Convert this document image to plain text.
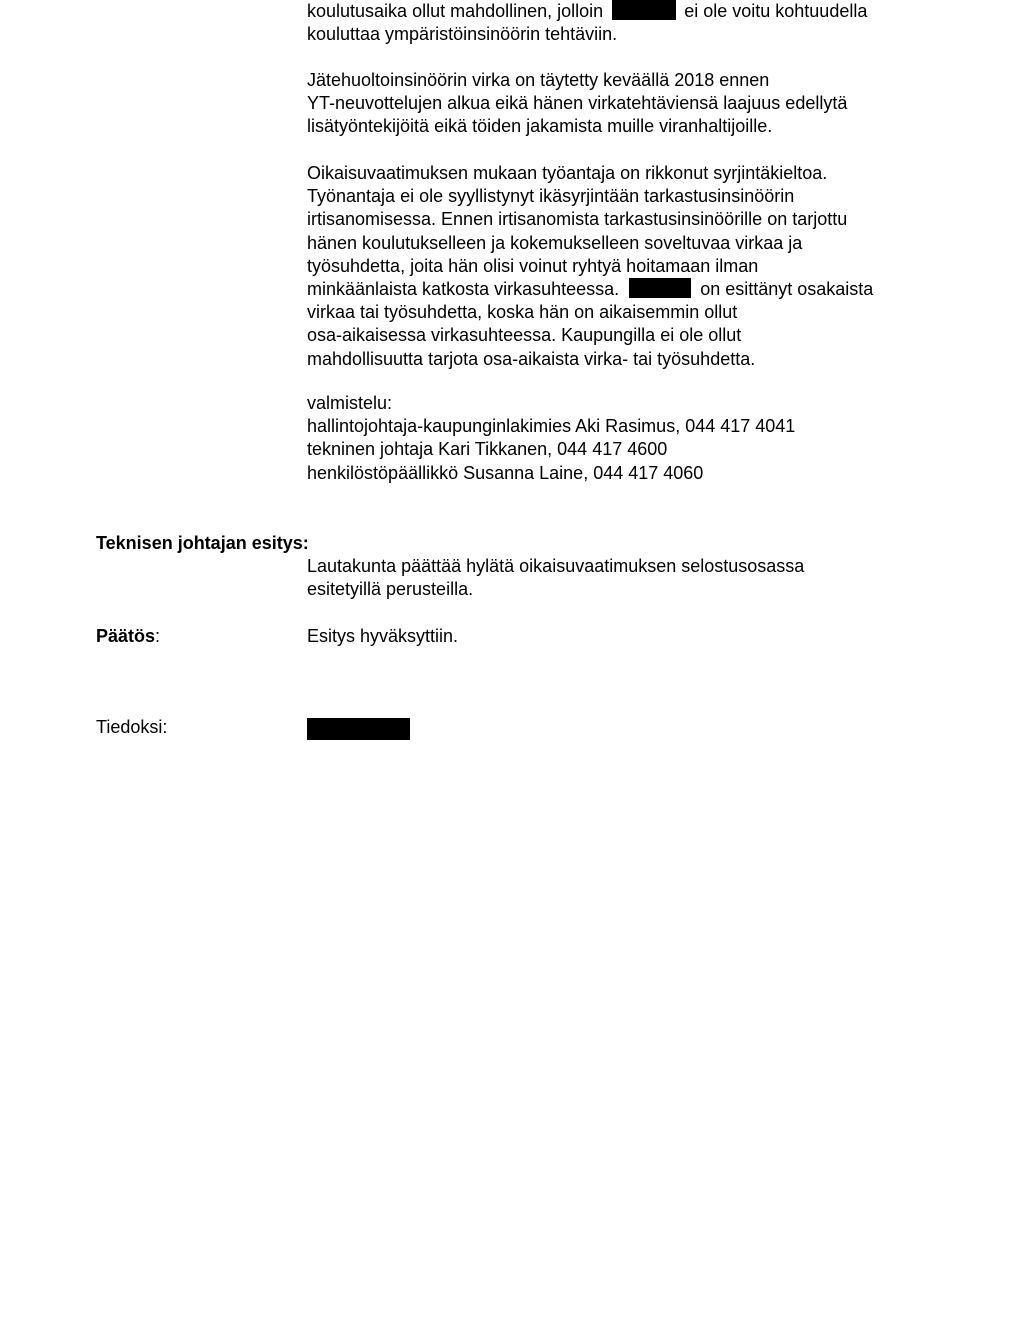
koulutusaika ollut mahdollinen, jolloin	ei ole voitu kohtuudella
kouluttaa ympäristöinsinöörin tehtäviin.
Jätehuoltoinsinöörin virka on täytetty keväällä 2018 ennen
YT-neuvottelujen alkua eikä hänen virkatehtäviensä laajuus edellytä
lisätyöntekijöitä eikä töiden jakamista muille viranhaltijoille.
Oikaisuvaatimuksen mukaan työantaja on rikkonut syrjintäkieltoa.
Työnantaja ei ole syyllistynyt ikäsyrjintään tarkastusinsinöörin
irtisanomisessa. Ennen irtisanomista tarkastusinsinöörille on tarjottu
hänen koulutukselleen ja kokemukselleen soveltuvaa virkaa ja
työsuhdetta, joita hän olisi voinut ryhtyä hoitamaan ilman
minkäänlaista katkosta virkasuhteessa.	on esittänyt osakaista
virkaa tai työsuhdetta, koska hän on aikaisemmin ollut
osa-aikaisessa virkasuhteessa. Kaupungilla ei ole ollut
mahdollisuutta tarjota osa-aikaista virka- tai työsuhdetta.
valmistelu:
hallintojohtaja-kaupunginlakimies Aki Rasimus, 044 417 4041
tekninen johtaja Kari Tikkanen, 044 417 4600
henkilöstöpäällikkö Susanna Laine, 044 417 4060
Teknisen johtajan esitys:
Lautakunta päättää hylätä oikaisuvaatimuksen selostusosassa
esitetyillä perusteilla.
Päätös:	Esitys hyväksyttiin.
Tiedoksi:
